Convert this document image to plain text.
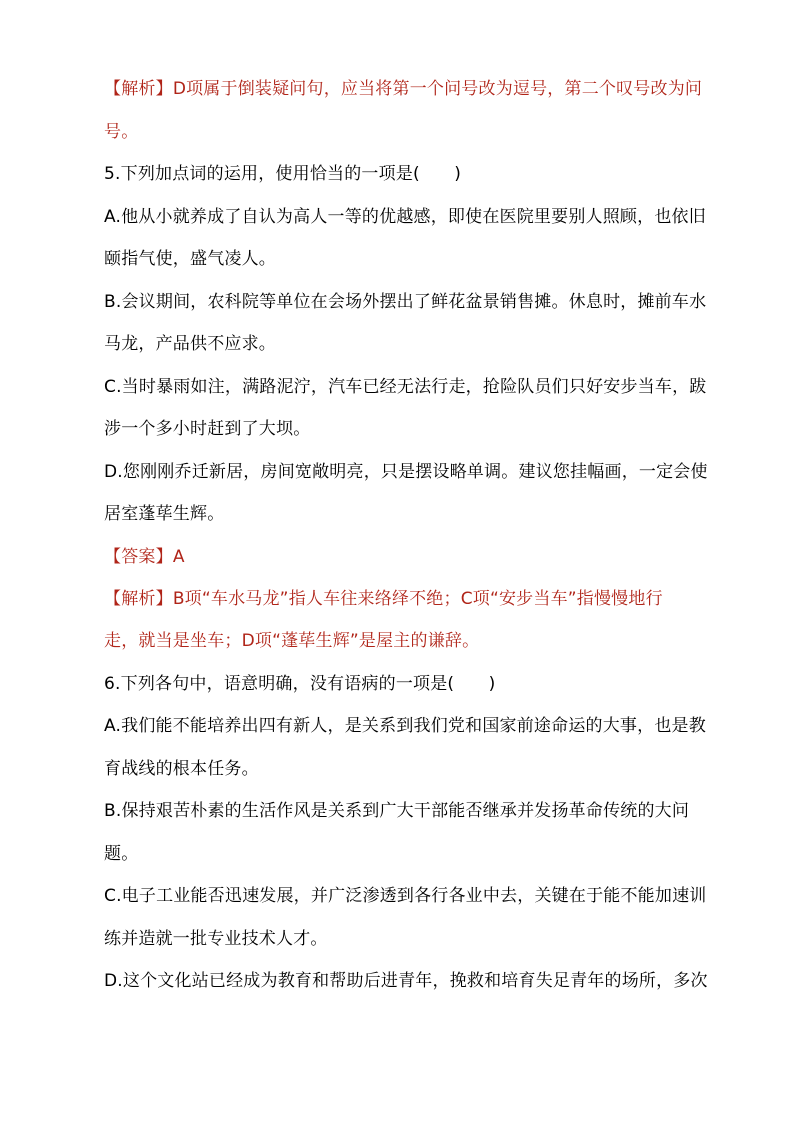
【解析】D项属于倒装疑问句，应当将第一个问号改为逗号，第二个叹号改为问
号。
5.下列加点词的运用，使用恰当的一项是(　　)
A.他从小就养成了自认为高人一等的优越感，即使在医院里要别人照顾，也依旧
颐指气使，盛气凌人。
B.会议期间，农科院等单位在会场外摆出了鲜花盆景销售摊。休息时，摊前车水
马龙，产品供不应求。
C.当时暴雨如注，满路泥泞，汽车已经无法行走，抢险队员们只好安步当车，跋
涉一个多小时赶到了大坝。
D.您刚刚乔迁新居，房间宽敞明亮，只是摆设略单调。建议您挂幅画，一定会使
居室蓬荜生辉。
【答案】A
【解析】B项“车水马龙”指人车往来络绎不绝；C项“安步当车”指慢慢地行
走，就当是坐车；D项“蓬荜生辉”是屋主的谦辞。
6.下列各句中，语意明确，没有语病的一项是(　　)
A.我们能不能培养出四有新人，是关系到我们党和国家前途命运的大事，也是教
育战线的根本任务。
B.保持艰苦朴素的生活作风是关系到广大干部能否继承并发扬革命传统的大问
题。
C.电子工业能否迅速发展，并广泛渗透到各行各业中去，关键在于能不能加速训
练并造就一批专业技术人才。
D.这个文化站已经成为教育和帮助后进青年，挽救和培育失足青年的场所，多次
